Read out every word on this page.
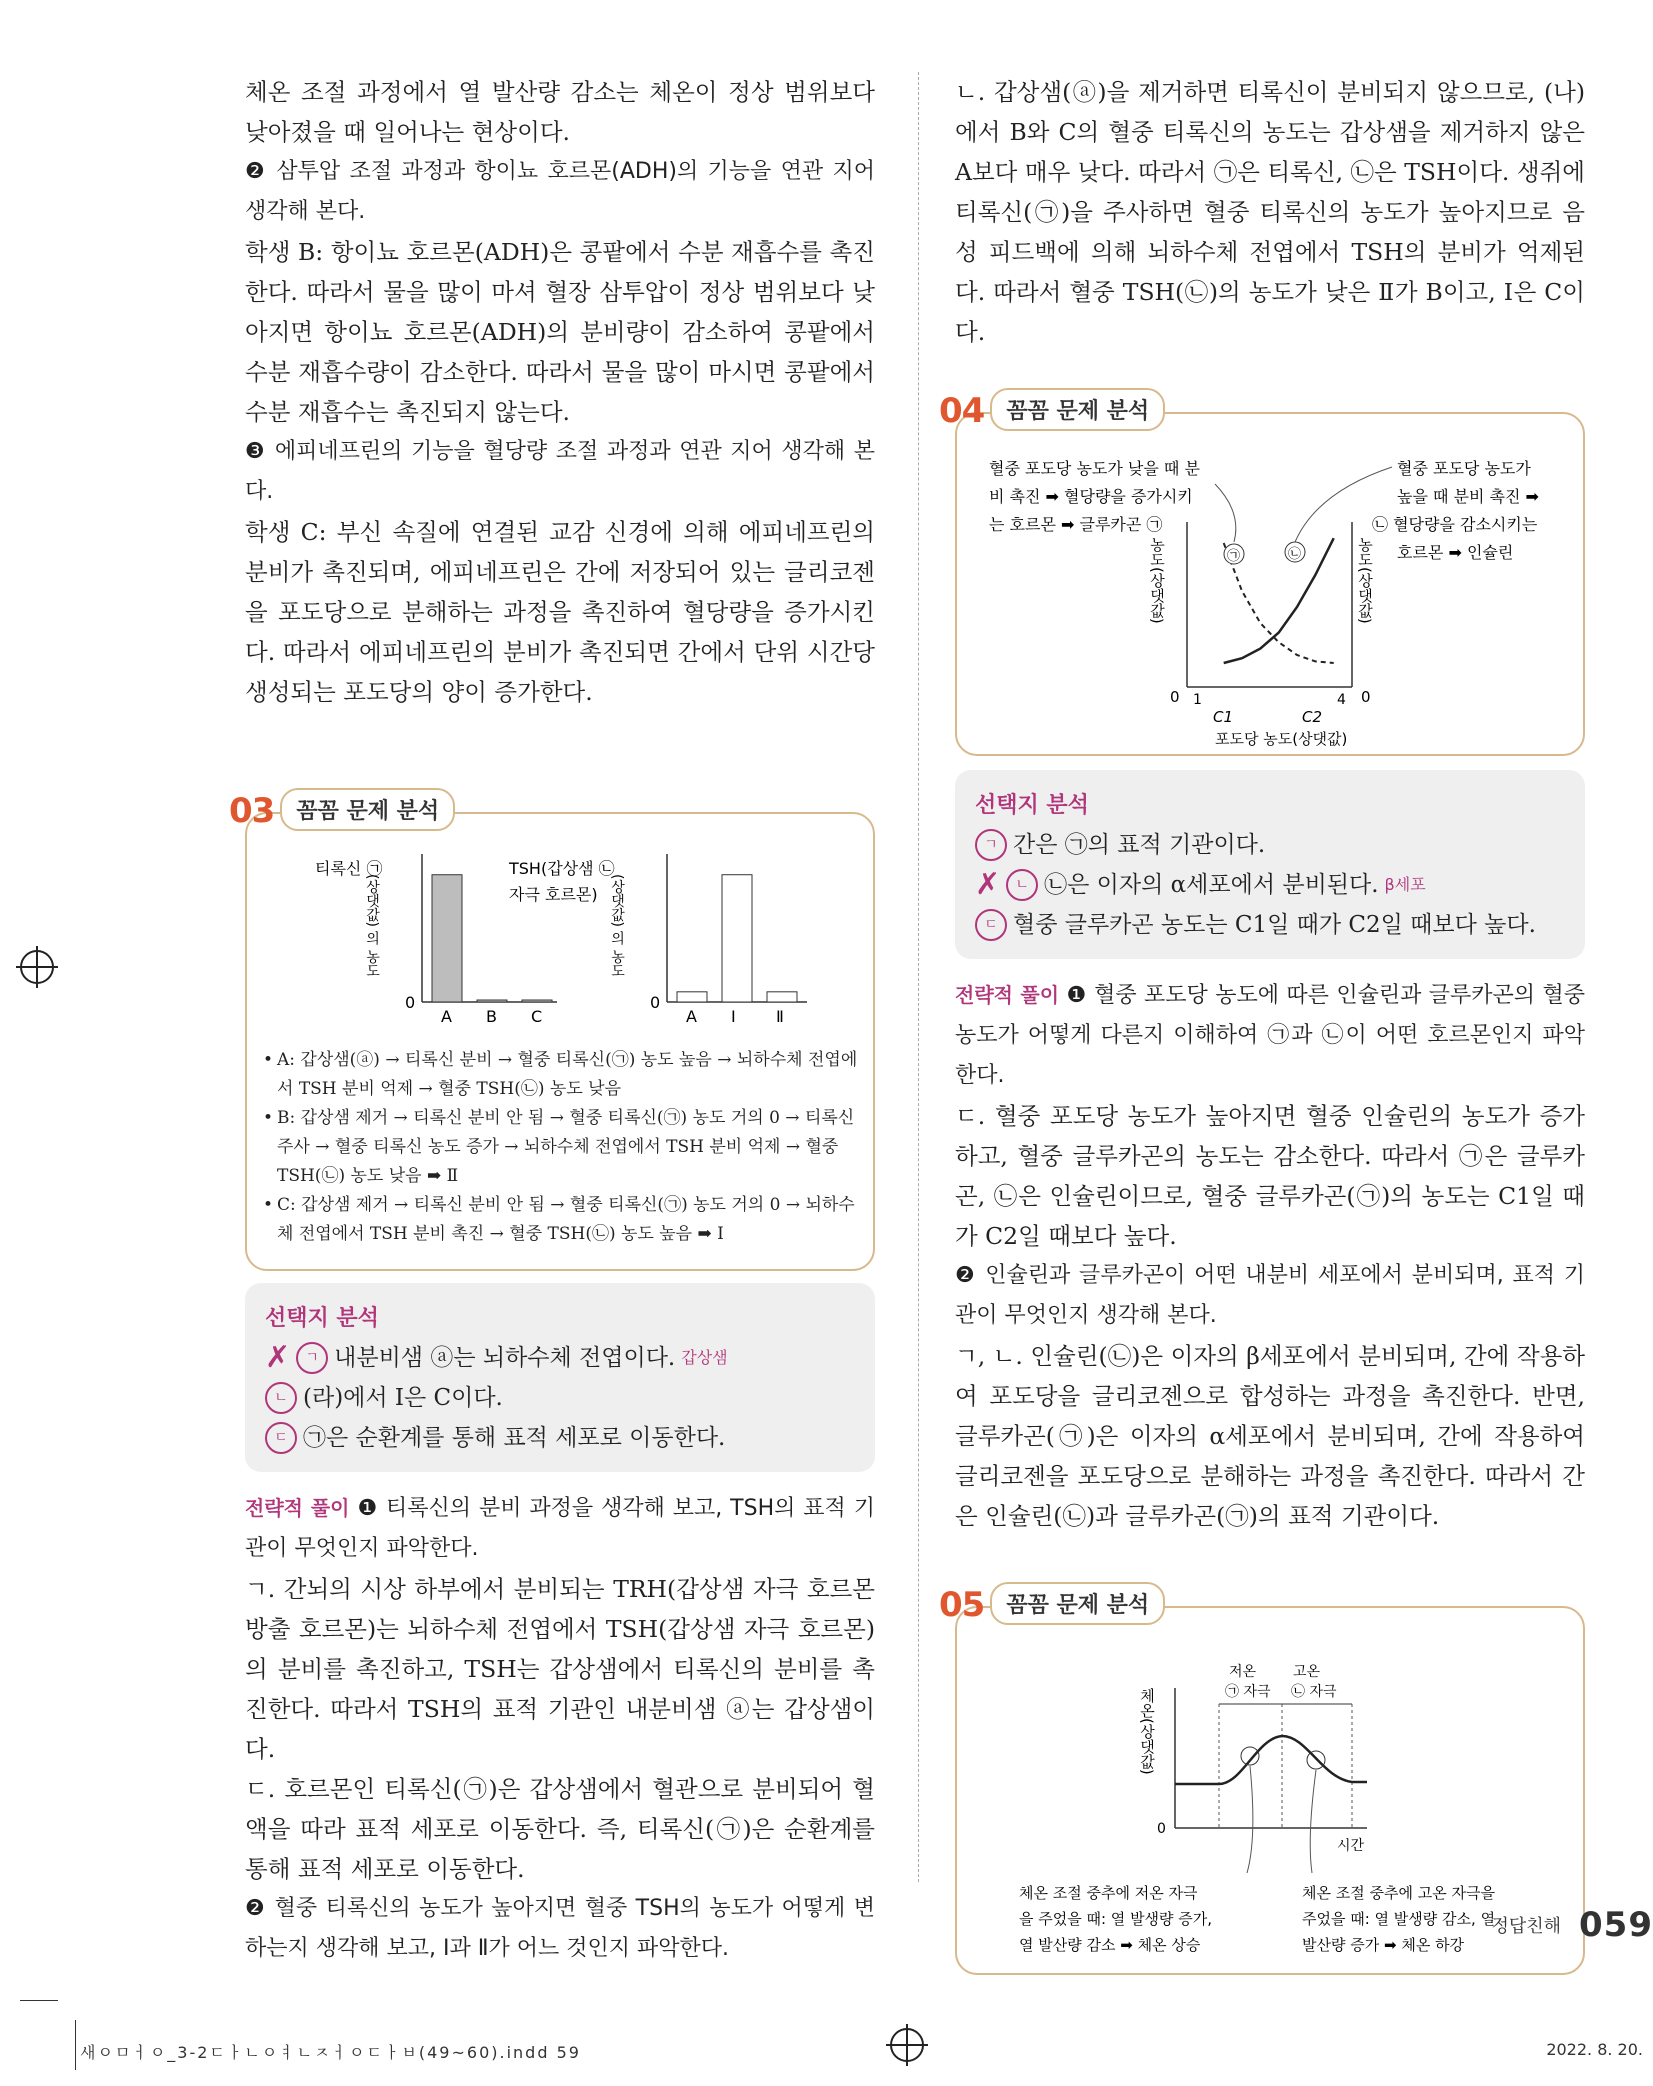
체온 조절 과정에서 열 발산량 감소는 체온이 정상 범위보다 낮아졌을 때 일어나는 현상이다.

❷ 삼투압 조절 과정과 항이뇨 호르몬(ADH)의 기능을 연관 지어 생각해 본다.

학생 B: 항이뇨 호르몬(ADH)은 콩팥에서 수분 재흡수를 촉진한다. 따라서 물을 많이 마셔 혈장 삼투압이 정상 범위보다 낮아지면 항이뇨 호르몬(ADH)의 분비량이 감소하여 콩팥에서 수분 재흡수량이 감소한다. 따라서 물을 많이 마시면 콩팥에서 수분 재흡수는 촉진되지 않는다.

❸ 에피네프린의 기능을 혈당량 조절 과정과 연관 지어 생각해 본다.

학생 C: 부신 속질에 연결된 교감 신경에 의해 에피네프린의 분비가 촉진되며, 에피네프린은 간에 저장되어 있는 글리코젠을 포도당으로 분해하는 과정을 촉진하여 혈당량을 증가시킨다. 따라서 에피네프린의 분비가 촉진되면 간에서 단위 시간당 생성되는 포도당의 양이 증가한다.

03	꼼꼼 문제 분석
티록신 ㉠
(상댓값) 의 농도
0
A B C
TSH(갑상샘 ㉡
자극 호르몬) (상댓값) 의 농도
0
A Ⅰ	Ⅱ
• A: 갑상샘(ⓐ) → 티록신 분비 → 혈중 티록신(㉠) 농도 높음 → 뇌하수체 전엽에서 TSH 분비 억제 → 혈중 TSH(㉡) 농도 낮음
• B: 갑상샘 제거 → 티록신 분비 안 됨 → 혈중 티록신(㉠) 농도 거의 0 → 티록신 주사 → 혈중 티록신 농도 증가 → 뇌하수체 전엽에서 TSH 분비 억제 → 혈중 TSH(㉡) 농도 낮음 ➡ Ⅱ
• C: 갑상샘 제거 → 티록신 분비 안 됨 → 혈중 티록신(㉠) 농도 거의 0 → 뇌하수체 전엽에서 TSH 분비 촉진 → 혈중 TSH(㉡) 농도 높음 ➡ Ⅰ
선택지 분석
✗	ㄱ 내분비샘 ⓐ는 뇌하수체 전엽이다. 갑상샘
ㄴ (라)에서 Ⅰ은 C이다.
ㄷ ㉠은 순환계를 통해 표적 세포로 이동한다.

전략적 풀이 ❶ 티록신의 분비 과정을 생각해 보고, TSH의 표적 기관이 무엇인지 파악한다.

ㄱ. 간뇌의 시상 하부에서 분비되는 TRH(갑상샘 자극 호르몬 방출 호르몬)는 뇌하수체 전엽에서 TSH(갑상샘 자극 호르몬)의 분비를 촉진하고, TSH는 갑상샘에서 티록신의 분비를 촉진한다. 따라서 TSH의 표적 기관인 내분비샘 ⓐ는 갑상샘이다.

ㄷ. 호르몬인 티록신(㉠)은 갑상샘에서 혈관으로 분비되어 혈액을 따라 표적 세포로 이동한다. 즉, 티록신(㉠)은 순환계를 통해 표적 세포로 이동한다.

❷ 혈중 티록신의 농도가 높아지면 혈중 TSH의 농도가 어떻게 변하는지 생각해 보고, Ⅰ과 Ⅱ가 어느 것인지 파악한다.

ㄴ. 갑상샘(ⓐ)을 제거하면 티록신이 분비되지 않으므로, (나)에서 B와 C의 혈중 티록신의 농도는 갑상샘을 제거하지 않은 A보다 매우 낮다. 따라서 ㉠은 티록신, ㉡은 TSH이다. 생쥐에 티록신(㉠)을 주사하면 혈중 티록신의 농도가 높아지므로 음성 피드백에 의해 뇌하수체 전엽에서 TSH의 분비가 억제된다. 따라서 혈중 TSH(㉡)의 농도가 낮은 Ⅱ가 B이고, Ⅰ은 C이다.

04	꼼꼼 문제 분석
혈중 포도당 농도가 낮을 때 분
비 촉진 ➡ 혈당량을 증가시키
는 호르몬 ➡ 글루카곤 ㉠
혈중 포도당 농도가
높을 때 분비 촉진 ➡
㉡ 혈당량을 감소시키는
호르몬 ➡ 인슐린
농도(상댓값)	농도(상댓값)
㉠	㉡
0	0
1	4
C1	C2
포도당 농도(상댓값)
선택지 분석
ㄱ 간은 ㉠의 표적 기관이다.
✗	ㄴ ㉡은 이자의 α세포에서 분비된다. β세포
ㄷ 혈중 글루카곤 농도는 C1일 때가 C2일 때보다 높다.

전략적 풀이 ❶ 혈중 포도당 농도에 따른 인슐린과 글루카곤의 혈중 농도가 어떻게 다른지 이해하여 ㉠과 ㉡이 어떤 호르몬인지 파악한다.

ㄷ. 혈중 포도당 농도가 높아지면 혈중 인슐린의 농도가 증가하고, 혈중 글루카곤의 농도는 감소한다. 따라서 ㉠은 글루카곤, ㉡은 인슐린이므로, 혈중 글루카곤(㉠)의 농도는 C1일 때가 C2일 때보다 높다.

❷ 인슐린과 글루카곤이 어떤 내분비 세포에서 분비되며, 표적 기관이 무엇인지 생각해 본다.

ㄱ, ㄴ. 인슐린(㉡)은 이자의 β세포에서 분비되며, 간에 작용하여 포도당을 글리코젠으로 합성하는 과정을 촉진한다. 반면, 글루카곤(㉠)은 이자의 α세포에서 분비되며, 간에 작용하여 글리코젠을 포도당으로 분해하는 과정을 촉진한다. 따라서 간은 인슐린(㉡)과 글루카곤(㉠)의 표적 기관이다.

05	꼼꼼 문제 분석
체온(상댓값)
0
시간
저온
㉠ 자극
고온
㉡ 자극
체온 조절 중추에 저온 자극
을 주었을 때: 열 발생량 증가,
열 발산량 감소 ➡ 체온 상승
체온 조절 중추에 고온 자극을
주었을 때: 열 발생량 감소, 열
발산량 증가 ➡ 체온 하강
정답친해 059
새ㅇㅁㅓㅇ_3-2ㄷㅏㄴㅇㅕㄴㅈㅓㅇㄷㅏㅂ(49~60).indd 59	2022. 8. 20.
